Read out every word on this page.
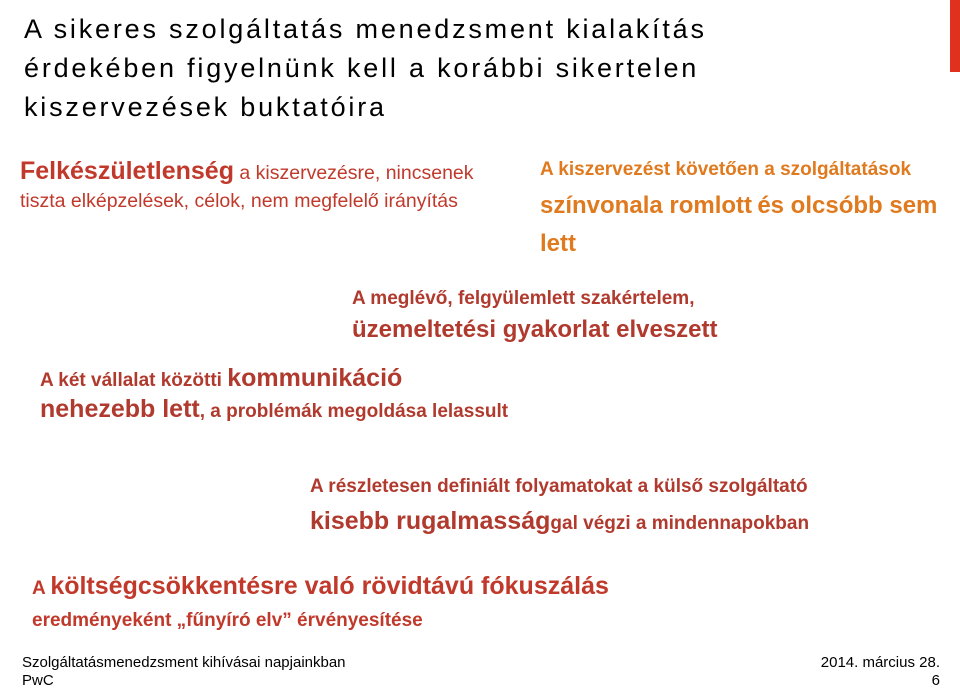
A sikeres szolgáltatás menedzsment kialakítás érdekében figyelnünk kell a korábbi sikertelen kiszervezések buktatóira
Felkészületlenség a kiszervezésre, nincsenek tiszta elképzelések, célok, nem megfelelő irányítás
A kiszervezést követően a szolgáltatások színvonala romlott és olcsóbb sem lett
A meglévő, felgyülemlett szakértelem,
üzemeltetési gyakorlat elveszett
A két vállalat közötti kommunikáció nehezebb lett, a problémák megoldása lelassult
A részletesen definiált folyamatokat a külső szolgáltató
kisebb rugalmassággal végzi a mindennapokban
A költségcsökkentésre való rövidtávú fókuszálás
eredményeként „fűnyíró elv” érvényesítése
Szolgáltatásmenedzsment kihívásai napjainkban
PwC
2014. március 28.
6
